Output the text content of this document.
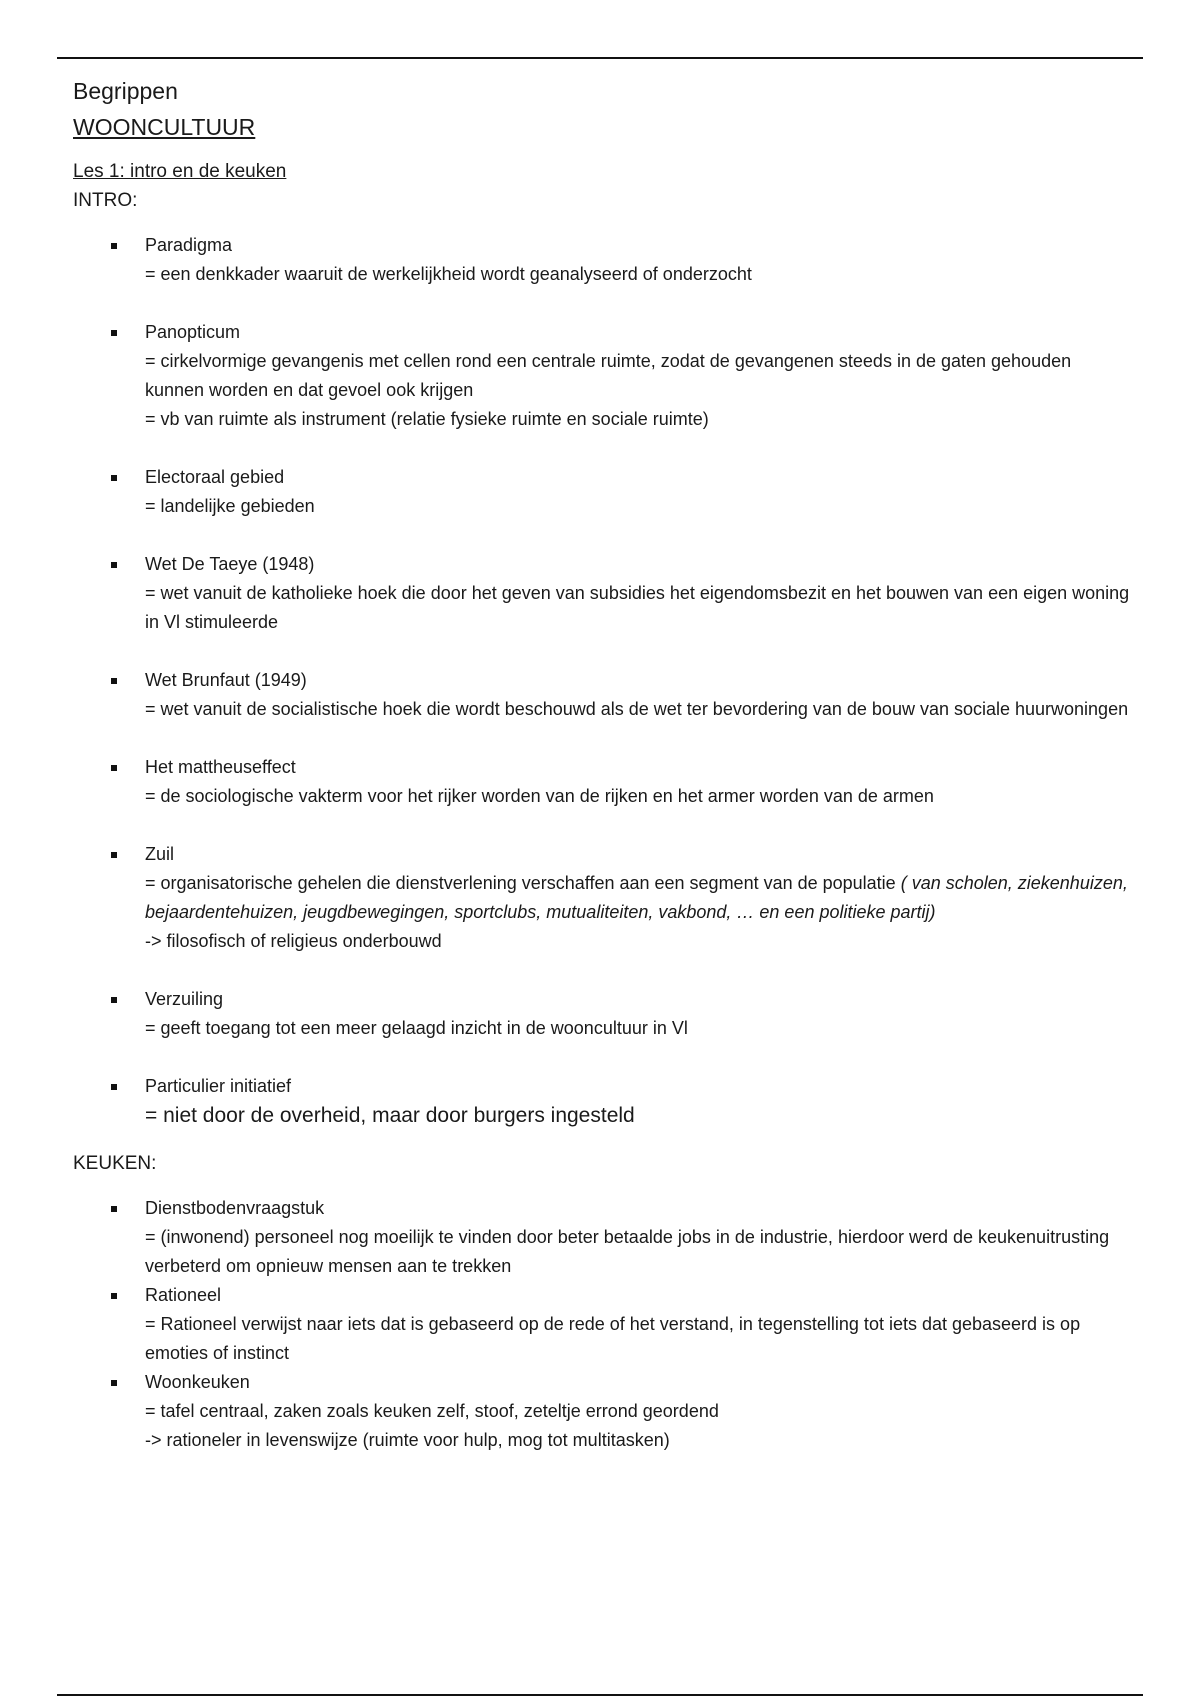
Begrippen
WOONCULTUUR
Les 1: intro en de keuken
INTRO:
Paradigma
= een denkkader waaruit de werkelijkheid wordt geanalyseerd of onderzocht
Panopticum
= cirkelvormige gevangenis met cellen rond een centrale ruimte, zodat de gevangenen steeds in de gaten gehouden kunnen worden en dat gevoel ook krijgen
= vb van ruimte als instrument (relatie fysieke ruimte en sociale ruimte)
Electoraal gebied
= landelijke gebieden
Wet De Taeye (1948)
= wet vanuit de katholieke hoek die door het geven van subsidies het eigendomsbezit en het bouwen van een eigen woning in Vl stimuleerde
Wet Brunfaut (1949)
= wet vanuit de socialistische hoek die wordt beschouwd als de wet ter bevordering van de bouw van sociale huurwoningen
Het mattheuseffect
= de sociologische vakterm voor het rijker worden van de rijken en het armer worden van de armen
Zuil
= organisatorische gehelen die dienstverlening verschaffen aan een segment van de populatie ( van scholen, ziekenhuizen, bejaardentehuizen, jeugdbewegingen, sportclubs, mutualiteiten, vakbond, … en een politieke partij)
-> filosofisch of religieus onderbouwd
Verzuiling
= geeft toegang tot een meer gelaagd inzicht in de wooncultuur in Vl
Particulier initiatief
= niet door de overheid, maar door burgers ingesteld
KEUKEN:
Dienstbodenvraagstuk
= (inwonend) personeel nog moeilijk te vinden door beter betaalde jobs in de industrie, hierdoor werd de keukenuitrusting verbeterd om opnieuw mensen aan te trekken
Rationeel
= Rationeel verwijst naar iets dat is gebaseerd op de rede of het verstand, in tegenstelling tot iets dat gebaseerd is op emoties of instinct
Woonkeuken
= tafel centraal, zaken zoals keuken zelf, stoof, zeteltje errond geordend
-> rationeler in levenswijze (ruimte voor hulp, mog tot multitasken)
